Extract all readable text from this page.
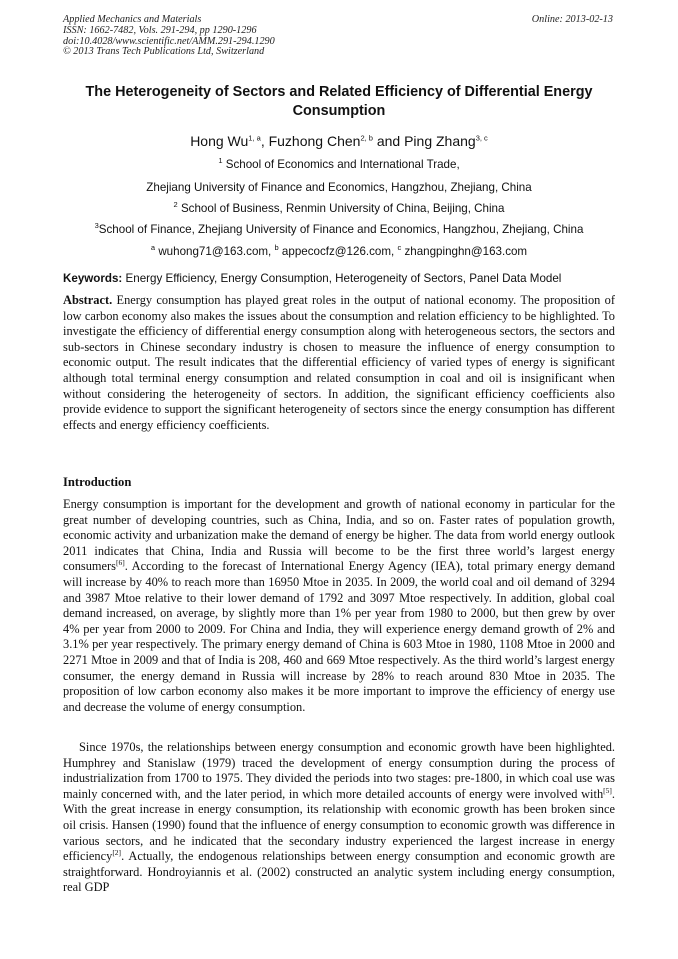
Applied Mechanics and Materials
ISSN: 1662-7482, Vols. 291-294, pp 1290-1296
doi:10.4028/www.scientific.net/AMM.291-294.1290
© 2013 Trans Tech Publications Ltd, Switzerland
Online: 2013-02-13
The Heterogeneity of Sectors and Related Efficiency of Differential Energy Consumption
Hong Wu$^{1, a}$, Fuzhong Chen$^{2, b}$ and Ping Zhang$^{3, c}$
$^1$ School of Economics and International Trade,
Zhejiang University of Finance and Economics, Hangzhou, Zhejiang, China
$^2$ School of Business, Renmin University of China, Beijing, China
$^3$School of Finance, Zhejiang University of Finance and Economics, Hangzhou, Zhejiang, China
$^a$ wuhong71@163.com, $^b$ appecocfz@126.com, $^c$ zhangpinghn@163.com
Keywords: Energy Efficiency, Energy Consumption, Heterogeneity of Sectors, Panel Data Model

Abstract. Energy consumption has played great roles in the output of national economy. The proposition of low carbon economy also makes the issues about the consumption and relation efficiency to be highlighted. To investigate the efficiency of differential energy consumption along with heterogeneous sectors, the sectors and sub-sectors in Chinese secondary industry is chosen to measure the influence of energy consumption to economic output. The result indicates that the differential efficiency of varied types of energy is significant although total terminal energy consumption and related consumption in coal and oil is insignificant when without considering the heterogeneity of sectors. In addition, the significant efficiency coefficients also provide evidence to support the significant heterogeneity of sectors since the energy consumption has different effects and energy efficiency coefficients.

Introduction

Energy consumption is important for the development and growth of national economy in particular for the great number of developing countries, such as China, India, and so on. Faster rates of population growth, economic activity and urbanization make the demand of energy be higher. The data from world energy outlook 2011 indicates that China, India and Russia will become to be the first three world’s largest energy consumers[6]. According to the forecast of International Energy Agency (IEA), total primary energy demand will increase by 40% to reach more than 16950 Mtoe in 2035. In 2009, the world coal and oil demand of 3294 and 3987 Mtoe relative to their lower demand of 1792 and 3097 Mtoe respectively. In addition, global coal demand increased, on average, by slightly more than 1% per year from 1980 to 2000, but then grew by over 4% per year from 2000 to 2009. For China and India, they will experience energy demand growth of 2% and 3.1% per year respectively. The primary energy demand of China is 603 Mtoe in 1980, 1108 Mtoe in 2000 and 2271 Mtoe in 2009 and that of India is 208, 460 and 669 Mtoe respectively. As the third world’s largest energy consumer, the energy demand in Russia will increase by 28% to reach around 830 Mtoe in 2035. The proposition of low carbon economy also makes it be more important to improve the efficiency of energy use and decrease the volume of energy consumption.

Since 1970s, the relationships between energy consumption and economic growth have been highlighted. Humphrey and Stanislaw (1979) traced the development of energy consumption during the process of industrialization from 1700 to 1975. They divided the periods into two stages: pre-1800, in which coal use was mainly concerned with, and the later period, in which more detailed accounts of energy were involved with[5]. With the great increase in energy consumption, its relationship with economic growth has been broken since oil crisis. Hansen (1990) found that the influence of energy consumption to economic growth was difference in various sectors, and he indicated that the secondary industry experienced the largest increase in energy efficiency[2]. Actually, the endogenous relationships between energy consumption and economic growth are straightforward. Hondroyiannis et al. (2002) constructed an analytic system including energy consumption, real GDP
